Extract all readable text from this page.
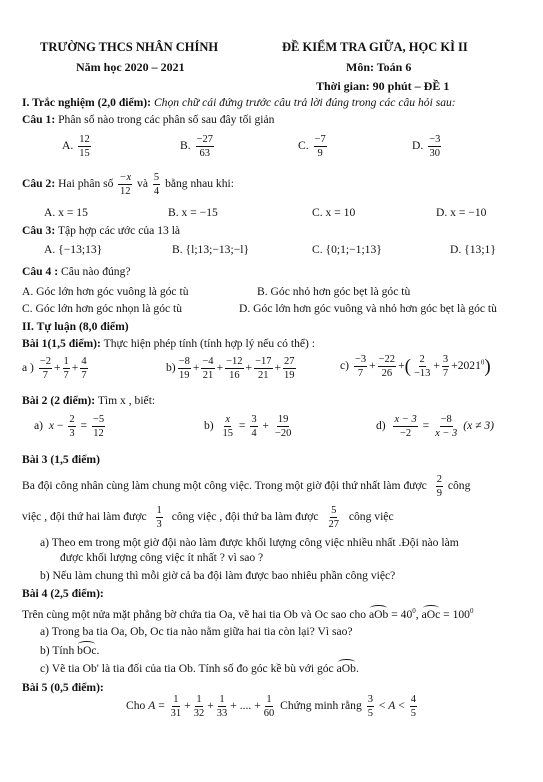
TRƯỜNG THCS NHÂN CHÍNH
Năm học 2020 – 2021
ĐỀ KIỂM TRA GIỮA, HỌC KÌ II
Môn: Toán 6
Thời gian: 90 phút – ĐỀ 1
I. Trắc nghiệm (2,0 điểm): Chọn chữ cái đứng trước câu trả lời đúng trong các câu hỏi sau:
Câu 1: Phân số nào trong các phân số sau đây tối giản
A. $\frac{12}{15}$	B. $\frac{-27}{63}$	C. $\frac{-7}{9}$	D. $\frac{-3}{30}$
Câu 2: Hai phân số $\frac{-x}{12}$ và $\frac{5}{4}$ bằng nhau khi:
A. x = 15	B. x = −15	C. x = 10	D. x = −10
Câu 3: Tập hợp các ước của 13 là
A. {−13;13}	B. {l;13;−13;−l}	C. {0;1;−1;13}	D. {13;1}
Câu 4 : Câu nào đúng?
A. Góc lớn hơn góc vuông là góc tù	B. Góc nhỏ hơn góc bẹt là góc tù
C. Góc lớn hơn góc nhọn là góc tù	D. Góc lớn hơn góc vuông và nhỏ hơn góc bẹt là góc tù
II. Tự luận (8,0 điểm)
Bài 1(1,5 điểm): Thực hiện phép tính (tính hợp lý nếu có thể) :
a ) $\frac{-2}{7} + \frac{1}{7} + \frac{4}{7}$	$b) \frac{-8}{19} + \frac{-4}{21} + \frac{-12}{16} + \frac{-17}{21} + \frac{27}{19}$	$c) \frac{-3}{7} + \frac{-22}{26}$ +( $\frac{2}{-13} + \frac{3}{7} +2021^0$)
Bài 2 (2 điểm): Tìm x , biết:
a) $x - \frac{2}{3} = \frac{-5}{12}$	$b) \frac{x}{15} = \frac{3}{4} + \frac{19}{-20}$	$d) \frac{x - 3}{-2} = \frac{-8}{x - 3} (x \ne 3)$
Bài 3 (1,5 điểm)
Ba đội công nhân cùng làm chung một công việc. Trong một giờ đội thứ nhất làm được $\frac{2}{9}$ công
việc , đội thứ hai làm được $\frac{1}{3}$ công việc , đội thứ ba làm được $\frac{5}{27}$ công việc
a) Theo em trong một giờ đội nào làm được khối lượng công việc nhiều nhất .Đội nào làm
được khối lượng công việc ít nhất ? vì sao ?
b) Nếu làm chung thì mỗi giờ cả ba đội làm được bao nhiêu phần công việc?
Bài 4 (2,5 điểm):
Trên cùng một nửa mặt phẳng bờ chứa tia Oa, vẽ hai tia Ob và Oc sao cho aOb = $40^0$, aOc = $100^0$
a) Trong ba tia Oa, Ob, Oc tia nào nằm giữa hai tia còn lại? Vì sao?
b) Tính bOc.
c) Vẽ tia Ob' là tia đối của tia Ob. Tính số đo góc kề bù với góc aOb.
Bài 5 (0,5 điểm):
Cho $A = \frac{1}{31} + \frac{1}{32} + \frac{1}{33}$ + .... + $\frac{1}{60}$ Chứng minh rằng $\frac{3}{5} < A < \frac{4}{5}$
